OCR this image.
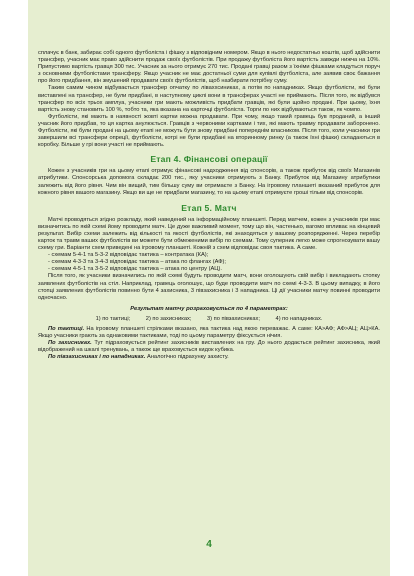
сплачує в банк, забирає собі одного футболіста і фішку з відповідним номером. Якщо в нього недостатньо коштів, щоб здійснити трансфер, учасник має право здійснити продаж своїх футболістів. При продажу футболіста його вартість завжди нижча на 10%. Припустимо вартість гравця 300 тис. Учасник за нього отримує 270 тис. Продані гравці разом з їхніми фішками кладуться поруч з основними футболістами трансферу. Якщо учасник не має достатньої суми для купівлі футболіста, але заявив своє бажання про його придбання, він змушений продавати своїх футболістів, щоб назбирати потрібну суму.

Таким самим чином відбувається трансфер опчатку по ліваххсиниках, а потім по нападниках. Якщо футболісти, які були виставлені на трансфер, не були придбані, в наступному циклі вони в трансферах участі не приймають. Після того, як відбувся трансфер по всіх трьох амплуа, учасники гри мають можливість придбати гравців, які були щойно продані. При цьому, їхня вартість знову становить 100 %, тобто та, яка вказана на карточці футболіста. Торги по них відбуваються також, як чомпо.

Футболісти, які мають в наявності жовті картки можна продавати. При чому, якщо такий гравець був проданий, а інший учасник його придбав, то ця картка анулюється. Гравців з червоними картками і тих, які мають травму продавати заборонено. Футболісти, які були продані на цьому етапі не можуть бути знову придбані попереднім власником. Після того, коли учасники гри завершили всі трансфери опреції, футболісти, котрі не були придбані на вторинному ринку (а також їхні фішки) складаються в коробку. Більше у грі вони участі не приймають.

Етап 4. Фінансові операції

Кожен з учасників гри на цьому етапі отримує фінансові надходження від спонсорів, а також прибуток від своїх Магазинів атрибутики. Спонсорська допомога складає 200 тис., яку учасники отримують з Банку. Прибуток від Магазину атрибутики залежить від його рівня. Чим він вищий, тим більшу суму ви отримаєте з Банку. На ігровому планшеті вказаний прибуток для кожного рівня вашого магазину. Якщо ви ще не придбали магазину, то на цьому етапі отримуєте гроші тільки від спонсорів.

Етап 5. Матч

Матчі проводяться згідно розкладу, який наведений на інформаційному планшеті. Перед матчем, кожен з учасників гри має визначитись по якій схемі йому проводити матч. Це дуже важливий момент, тому що він, частенько, вагомо впливає на кінцевий результат. Вибір схеми залежить від кількості та якості футболістів, які знаходяться у вашому розпорядженні. Через перебір карток та травм ваших футболістів ви можете бути обмеженими вибір по схемам. Тому суперник легко може спрогнозувати вашу схему гри. Варіанти схем приведені на ігровому планшеті. Кожній з схем відповідає своя тактика. А саме.

- схемам 5-4-1 та 5-3-2 відповідає тактика – контратака (КА);

- схемам 4-3-3 та 3-4-3 відповідає тактика – атака по флангах (АФ);

- схемам 4-5-1 та 3-5-2 відповідає тактика – атака по центру (АЦ).

Після того, як учасники визначились по якій схемі будуть проводити матч, вони оголошують свій вибір і викладають стопку заявлених футболістів на стіл. Наприклад, гравець оголошує, що буде проводити матч по схемі 4-3-3. В цьому випадку, в його стопці заявлених футболістів повинно бути 4 захисника, 3 півзахисника і 3 нападника. Ці дії учасники матчу повинні проводити одночасно.

Результат матчу розраховується по 4 параметрах:

1) по тактиці;	2) по захисниках;	3) по півзахисниках;	4) по нападниках.

По тактиці. На ігровому планшеті стрілками вказано, яка тактика над якою переважає. А саме: КА>АФ; АФ>АЦ; АЦ>КА. Якщо учасники грають за однаковими тактиками, тоді по цьому параметру фіксується нічия.

По захисниках. Тут підраховується рейтинг захисників виставлених на гру. До нього додається рейтинг захисника, який відображений на шкалі тренувань, а також ще враховується кидок кубика.

По півзахисниках і по нападниках. Аналогічно підрахунку захисту.

4
